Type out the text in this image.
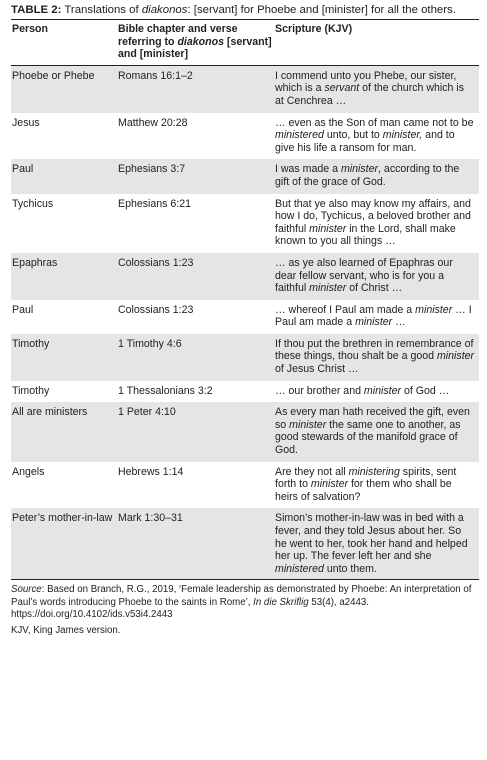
TABLE 2: Translations of diakonos: [servant] for Phoebe and [minister] for all the others.
Person	Bible chapter and verse referring to diakonos [servant] and [minister]	Scripture (KJV)
Phoebe or Phebe	Romans 16:1–2	I commend unto you Phebe, our sister, which is a servant of the church which is at Cenchrea …
Jesus	Matthew 20:28	… even as the Son of man came not to be ministered unto, but to minister, and to give his life a ransom for man.
Paul	Ephesians 3:7	I was made a minister, according to the gift of the grace of God.
Tychicus	Ephesians 6:21	But that ye also may know my affairs, and how I do, Tychicus, a beloved brother and faithful minister in the Lord, shall make known to you all things …
Epaphras	Colossians 1:23	… as ye also learned of Epaphras our dear fellow servant, who is for you a faithful minister of Christ …
Paul	Colossians 1:23	… whereof I Paul am made a minister … I Paul am made a minister …
Timothy	1 Timothy 4:6	If thou put the brethren in remembrance of these things, thou shalt be a good minister of Jesus Christ …
Timothy	1 Thessalonians 3:2	… our brother and minister of God …
All are ministers	1 Peter 4:10	As every man hath received the gift, even so minister the same one to another, as good stewards of the manifold grace of God.
Angels	Hebrews 1:14	Are they not all ministering spirits, sent forth to minister for them who shall be heirs of salvation?
Peter’s mother-in-law	Mark 1:30–31	Simon’s mother-in-law was in bed with a fever, and they told Jesus about her. So he went to her, took her hand and helped her up. The fever left her and she ministered unto them.
Source: Based on Branch, R.G., 2019, ‘Female leadership as demonstrated by Phoebe: An interpretation of Paul’s words introducing Phoebe to the saints in Rome’, In die Skriflig 53(4), a2443. https://doi.org/10.4102/ids.v53i4.2443
KJV, King James version.
